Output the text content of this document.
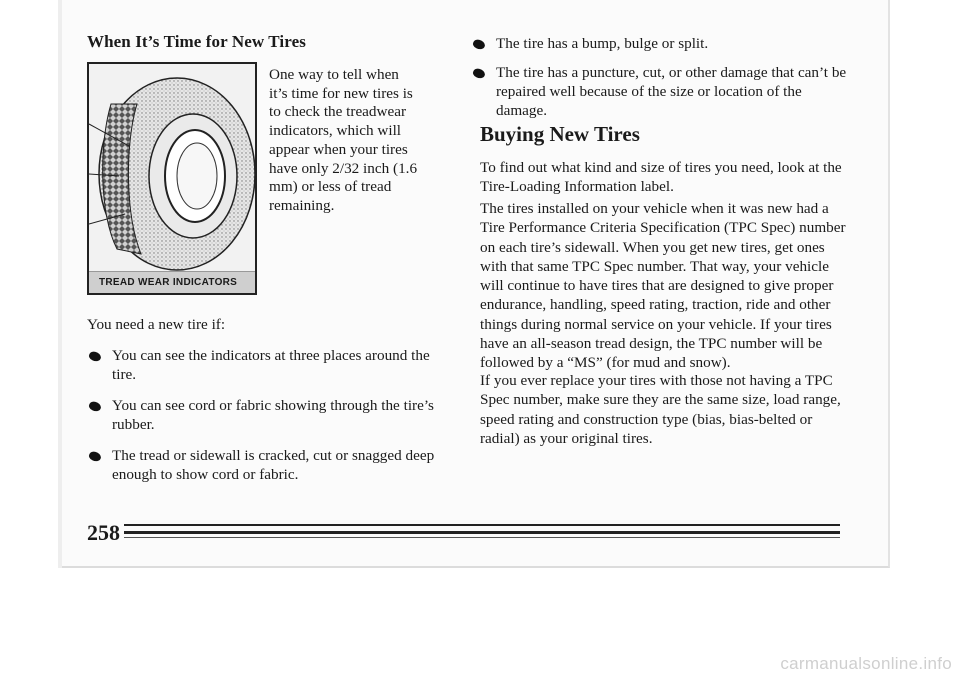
When It’s Time for New Tires
TREAD WEAR INDICATORS
One way to tell when it’s time for new tires is to check the treadwear indicators, which will appear when your tires have only 2/32 inch (1.6 mm) or less of tread remaining.
You need a new tire if:
You can see the indicators at three places around the tire.
You can see cord or fabric showing through the tire’s rubber.
The tread or sidewall is cracked, cut or snagged deep enough to show cord or fabric.
The tire has a bump, bulge or split.
The tire has a puncture, cut, or other damage that can’t be repaired well because of the size or location of the damage.
Buying New Tires

To find out what kind and size of tires you need, look at the Tire-Loading Information label.

The tires installed on your vehicle when it was new had a Tire Performance Criteria Specification (TPC Spec) number on each tire’s sidewall. When you get new tires, get ones with that same TPC Spec number. That way, your vehicle will continue to have tires that are designed to give proper endurance, handling, speed rating, traction, ride and other things during normal service on your vehicle. If your tires have an all-season tread design, the TPC number will be followed by a “MS” (for mud and snow).

If you ever replace your tires with those not having a TPC Spec number, make sure they are the same size, load range, speed rating and construction type (bias, bias-belted or radial) as your original tires.

258
carmanualsonline.info
